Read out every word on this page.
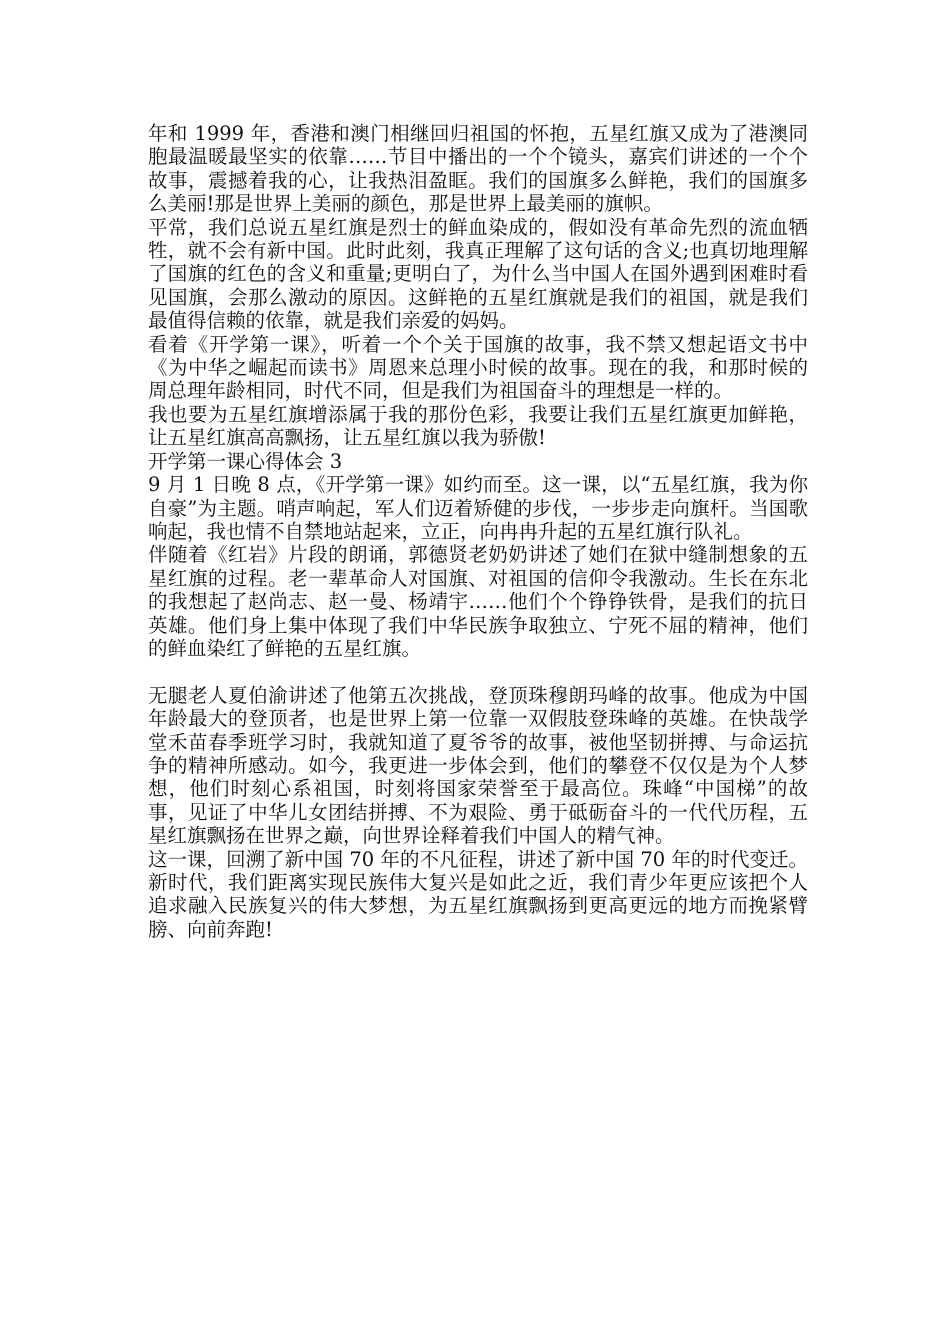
年和 1999 年，香港和澳门相继回归祖国的怀抱，五星红旗又成为了港澳同胞最温暖最坚实的依靠……节目中播出的一个个镜头，嘉宾们讲述的一个个故事，震撼着我的心，让我热泪盈眶。我们的国旗多么鲜艳，我们的国旗多么美丽!那是世界上美丽的颜色，那是世界上最美丽的旗帜。

平常，我们总说五星红旗是烈士的鲜血染成的，假如没有革命先烈的流血牺牲，就不会有新中国。此时此刻，我真正理解了这句话的含义;也真切地理解了国旗的红色的含义和重量;更明白了，为什么当中国人在国外遇到困难时看见国旗，会那么激动的原因。这鲜艳的五星红旗就是我们的祖国，就是我们最值得信赖的依靠，就是我们亲爱的妈妈。

看着《开学第一课》，听着一个个关于国旗的故事，我不禁又想起语文书中《为中华之崛起而读书》周恩来总理小时候的故事。现在的我，和那时候的周总理年龄相同，时代不同，但是我们为祖国奋斗的理想是一样的。

我也要为五星红旗增添属于我的那份色彩，我要让我们五星红旗更加鲜艳，让五星红旗高高飘扬，让五星红旗以我为骄傲!

开学第一课心得体会 3

9 月 1 日晚 8 点，《开学第一课》如约而至。这一课，以“五星红旗，我为你自豪”为主题。哨声响起，军人们迈着矫健的步伐，一步步走向旗杆。当国歌响起，我也情不自禁地站起来，立正，向冉冉升起的五星红旗行队礼。

伴随着《红岩》片段的朗诵，郭德贤老奶奶讲述了她们在狱中缝制想象的五星红旗的过程。老一辈革命人对国旗、对祖国的信仰令我激动。生长在东北的我想起了赵尚志、赵一曼、杨靖宇……他们个个铮铮铁骨，是我们的抗日英雄。他们身上集中体现了我们中华民族争取独立、宁死不屈的精神，他们的鲜血染红了鲜艳的五星红旗。

无腿老人夏伯渝讲述了他第五次挑战，登顶珠穆朗玛峰的故事。他成为中国年龄最大的登顶者，也是世界上第一位靠一双假肢登珠峰的英雄。在快哉学堂禾苗春季班学习时，我就知道了夏爷爷的故事，被他坚韧拼搏、与命运抗争的精神所感动。如今，我更进一步体会到，他们的攀登不仅仅是为个人梦想，他们时刻心系祖国，时刻将国家荣誉至于最高位。珠峰“中国梯”的故事，见证了中华儿女团结拼搏、不为艰险、勇于砥砺奋斗的一代代历程，五星红旗飘扬在世界之巅，向世界诠释着我们中国人的精气神。

这一课，回溯了新中国 70 年的不凡征程，讲述了新中国 70 年的时代变迁。新时代，我们距离实现民族伟大复兴是如此之近，我们青少年更应该把个人追求融入民族复兴的伟大梦想，为五星红旗飘扬到更高更远的地方而挽紧臂膀、向前奔跑!
